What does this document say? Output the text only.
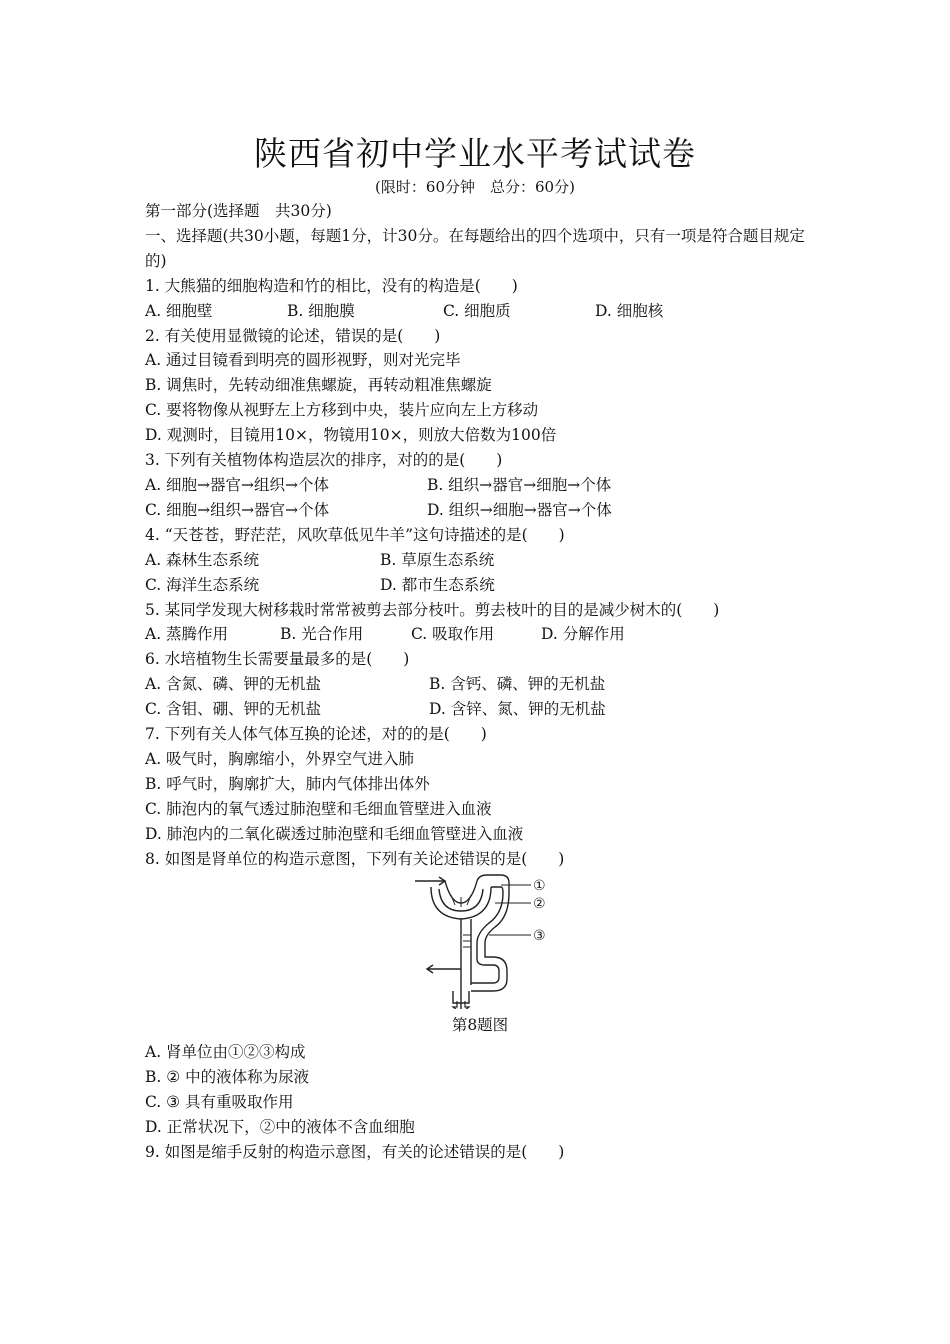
陕西省初中学业水平考试试卷
(限时：60分钟　总分：60分)
第一部分(选择题　共30分)
一、选择题(共30小题，每题1分，计30分。在每题给出的四个选项中，只有一项是符合题目规定的)
1. 大熊猫的细胞构造和竹的相比，没有的构造是(　　)
A. 细胞壁	B. 细胞膜	C. 细胞质	D. 细胞核
2. 有关使用显微镜的论述，错误的是(　　)
A. 通过目镜看到明亮的圆形视野，则对光完毕
B. 调焦时，先转动细准焦螺旋，再转动粗准焦螺旋
C. 要将物像从视野左上方移到中央，装片应向左上方移动
D. 观测时，目镜用10×，物镜用10×，则放大倍数为100倍
3. 下列有关植物体构造层次的排序，对的的是(　　)
A. 细胞→器官→组织→个体	B. 组织→器官→细胞→个体
C. 细胞→组织→器官→个体	D. 组织→细胞→器官→个体
4. “天苍苍，野茫茫，风吹草低见牛羊”这句诗描述的是(　　)
A. 森林生态系统	B. 草原生态系统
C. 海洋生态系统	D. 都市生态系统
5. 某同学发现大树移栽时常常被剪去部分枝叶。剪去枝叶的目的是减少树木的(　　)
A. 蒸腾作用	B. 光合作用	C. 吸取作用	D. 分解作用
6. 水培植物生长需要量最多的是(　　)
A. 含氮、磷、钾的无机盐	B. 含钙、磷、钾的无机盐
C. 含钼、硼、钾的无机盐	D. 含锌、氮、钾的无机盐
7. 下列有关人体气体互换的论述，对的的是(　　)
A. 吸气时，胸廓缩小，外界空气进入肺
B. 呼气时，胸廓扩大，肺内气体排出体外
C. 肺泡内的氧气透过肺泡壁和毛细血管壁进入血液
D. 肺泡内的二氧化碳透过肺泡壁和毛细血管壁进入血液
8. 如图是肾单位的构造示意图，下列有关论述错误的是(　　)
①
②
③
第8题图
A. 肾单位由①②③构成
B. ② 中的液体称为尿液
C. ③ 具有重吸取作用
D. 正常状况下，②中的液体不含血细胞
9. 如图是缩手反射的构造示意图，有关的论述错误的是(　　)
